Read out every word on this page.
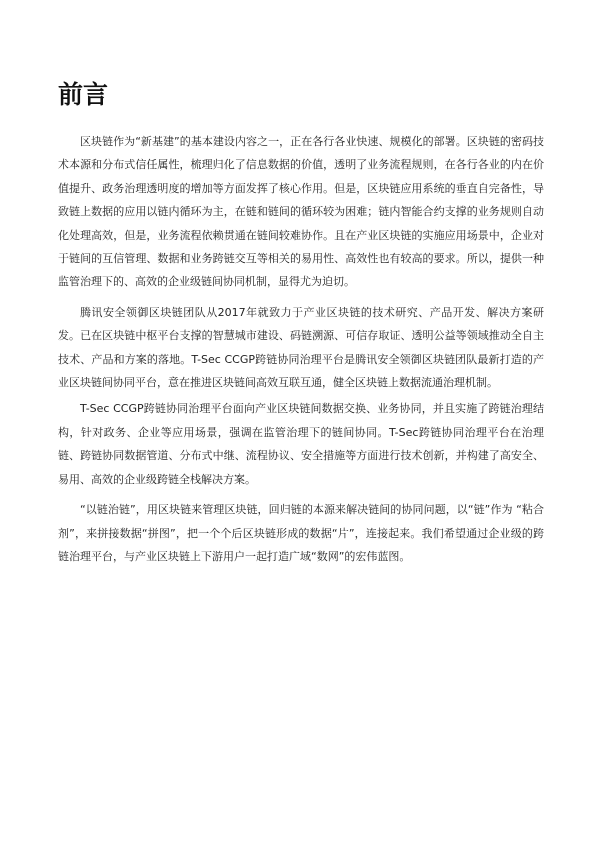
前言

区块链作为“新基建”的基本建设内容之一，正在各行各业快速、规模化的部署。区块链的密码技术本源和分布式信任属性，梳理归化了信息数据的价值，透明了业务流程规则，在各行各业的内在价值提升、政务治理透明度的增加等方面发挥了核心作用。但是，区块链应用系统的垂直自完备性，导致链上数据的应用以链内循环为主，在链和链间的循环较为困难；链内智能合约支撑的业务规则自动化处理高效，但是，业务流程依赖贯通在链间较难协作。且在产业区块链的实施应用场景中，企业对于链间的互信管理、数据和业务跨链交互等相关的易用性、高效性也有较高的要求。所以，提供一种监管治理下的、高效的企业级链间协同机制，显得尤为迫切。

腾讯安全领御区块链团队从2017年就致力于产业区块链的技术研究、产品开发、解决方案研发。已在区块链中枢平台支撑的智慧城市建设、码链溯源、可信存取证、透明公益等领域推动全自主技术、产品和方案的落地。T-Sec CCGP跨链协同治理平台是腾讯安全领御区块链团队最新打造的产业区块链间协同平台，意在推进区块链间高效互联互通，健全区块链上数据流通治理机制。

T-Sec CCGP跨链协同治理平台面向产业区块链间数据交换、业务协同，并且实施了跨链治理结构，针对政务、企业等应用场景，强调在监管治理下的链间协同。T-Sec跨链协同治理平台在治理链、跨链协同数据管道、分布式中继、流程协议、安全措施等方面进行技术创新，并构建了高安全、易用、高效的企业级跨链全栈解决方案。

“以链治链”，用区块链来管理区块链，回归链的本源来解决链间的协同问题，以“链”作为 “粘合剂”，来拼接数据“拼图”，把一个个后区块链形成的数据“片”，连接起来。我们希望通过企业级的跨链治理平台，与产业区块链上下游用户一起打造广域“数网”的宏伟蓝图。
